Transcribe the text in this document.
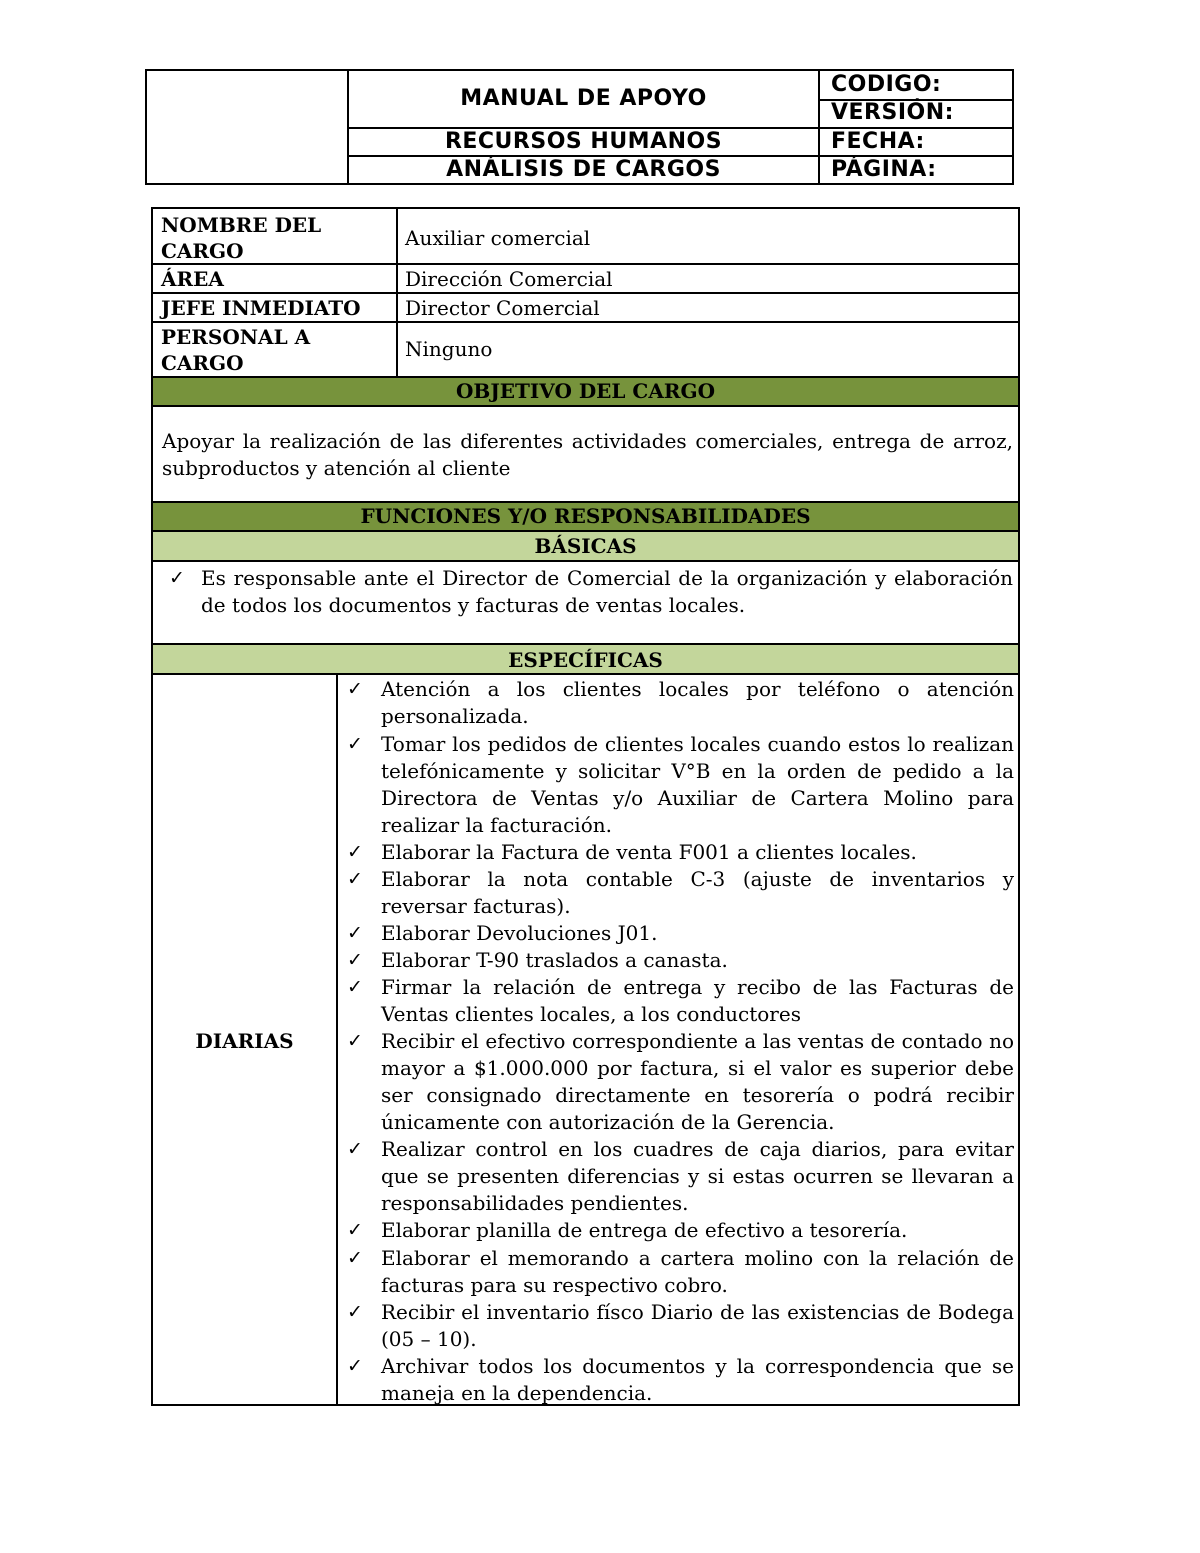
MANUAL DE APOYO
RECURSOS HUMANOS
ANÁLISIS DE CARGOS
CODIGO:
VERSIÓN:
FECHA:
PÁGINA:
NOMBRE DEL CARGO
Auxiliar comercial
ÁREA	Dirección Comercial
JEFE INMEDIATO	Director Comercial
PERSONAL A CARGO
Ninguno
OBJETIVO DEL CARGO
Apoyar la realización de las diferentes actividades comerciales, entrega de arroz, subproductos y atención al cliente
FUNCIONES Y/O RESPONSABILIDADES
BÁSICAS
✓ Es responsable ante el Director de Comercial de la organización y elaboración de todos los documentos y facturas de ventas locales.
ESPECÍFICAS
DIARIAS
✓ Atención a los clientes locales por teléfono o atención personalizada.
✓ Tomar los pedidos de clientes locales cuando estos lo realizan telefónicamente y solicitar V°B en la orden de pedido a la Directora de Ventas y/o Auxiliar de Cartera Molino para realizar la facturación.
✓ Elaborar la Factura de venta F001 a clientes locales.
✓ Elaborar la nota contable C-3 (ajuste de inventarios y reversar facturas).
✓ Elaborar Devoluciones J01.
✓ Elaborar T-90 traslados a canasta.
✓ Firmar la relación de entrega y recibo de las Facturas de Ventas clientes locales, a los conductores
✓ Recibir el efectivo correspondiente a las ventas de contado no mayor a $1.000.000 por factura, si el valor es superior debe ser consignado directamente en tesorería o podrá recibir únicamente con autorización de la Gerencia.
✓ Realizar control en los cuadres de caja diarios, para evitar que se presenten diferencias y si estas ocurren se llevaran a responsabilidades pendientes.
✓ Elaborar planilla de entrega de efectivo a tesorería.
✓ Elaborar el memorando a cartera molino con la relación de facturas para su respectivo cobro.
✓ Recibir el inventario físco Diario de las existencias de Bodega (05 – 10).
✓ Archivar todos los documentos y la correspondencia que se maneja en la dependencia.
